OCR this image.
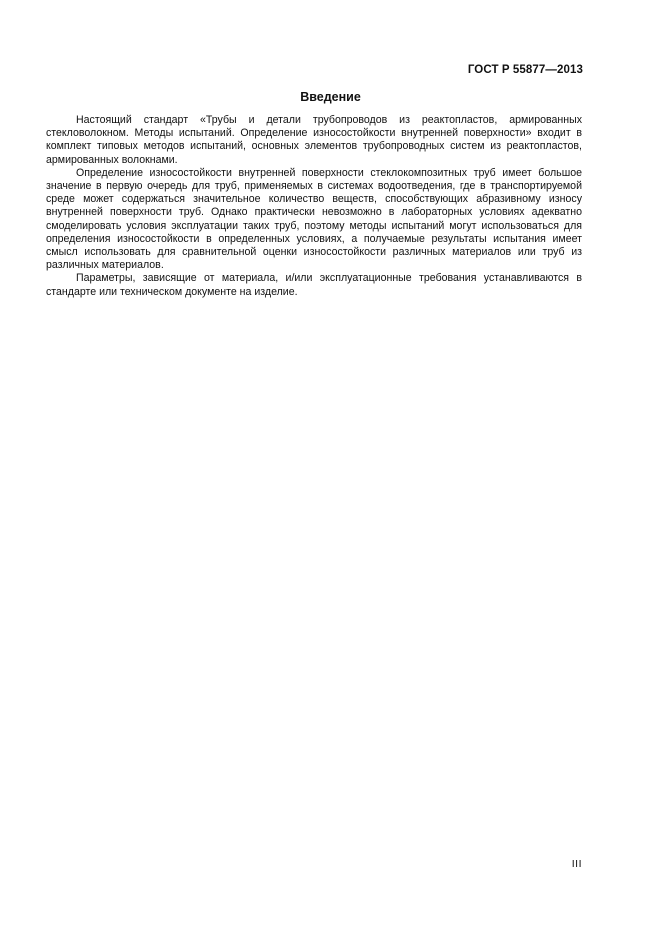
ГОСТ Р 55877—2013
Введение

Настоящий стандарт «Трубы и детали трубопроводов из реактопластов, армированных стекловолокном. Методы испытаний. Определение износостойкости внутренней поверхности» входит в комплект типовых методов испытаний, основных элементов трубопроводных систем из реактопластов, армированных волокнами.

Определение износостойкости внутренней поверхности стеклокомпозитных труб имеет большое значение в первую очередь для труб, применяемых в системах водоотведения, где в транспортируемой среде может содержаться значительное количество веществ, способствующих абразивному износу внутренней поверхности труб. Однако практически невозможно в лабораторных условиях адекватно смоделировать условия эксплуатации таких труб, поэтому методы испытаний могут использоваться для определения износостойкости в определенных условиях, а получаемые результаты испытания имеет смысл использовать для сравнительной оценки износостойкости различных материалов или труб из различных материалов.

Параметры, зависящие от материала, и/или эксплуатационные требования устанавливаются в стандарте или техническом документе на изделие.

III
